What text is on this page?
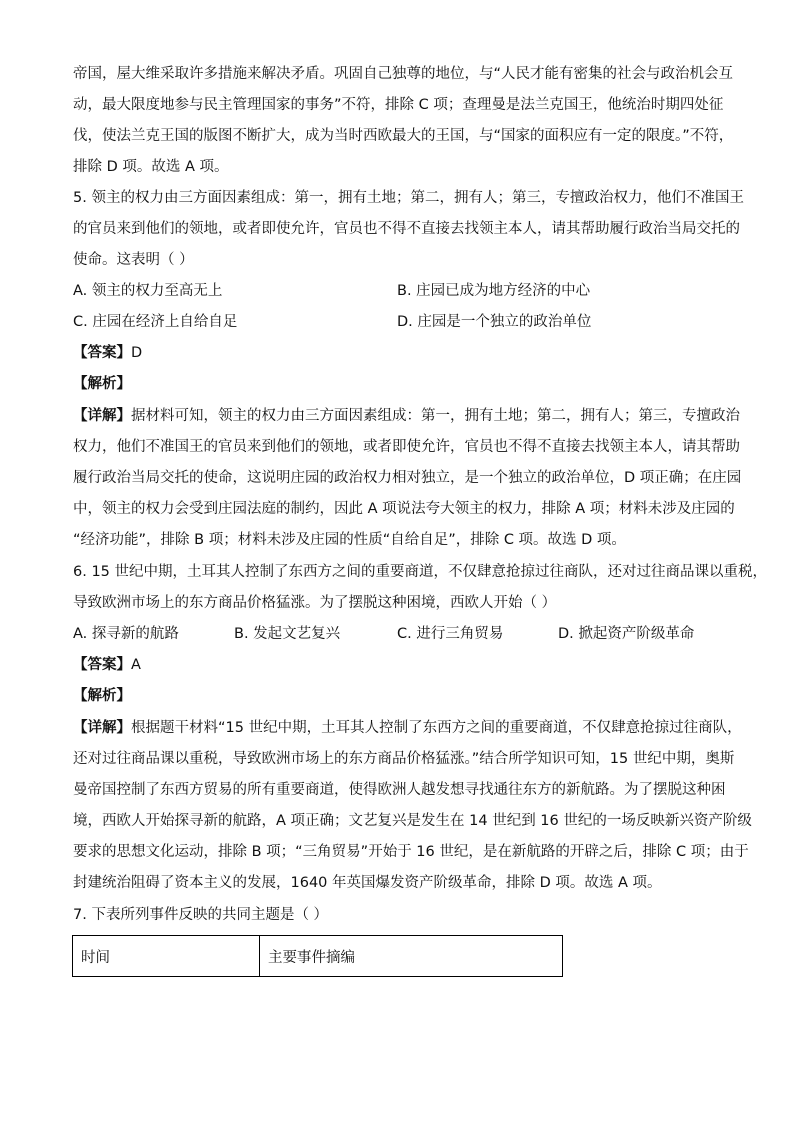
帝国，屋大维采取许多措施来解决矛盾。巩固自己独尊的地位，与“人民才能有密集的社会与政治机会互
动，最大限度地参与民主管理国家的事务”不符，排除 C 项；查理曼是法兰克国王，他统治时期四处征
伐，使法兰克王国的版图不断扩大，成为当时西欧最大的王国，与“国家的面积应有一定的限度。”不符，
排除 D 项。故选 A 项。
5. 领主的权力由三方面因素组成：第一，拥有土地；第二，拥有人；第三，专擅政治权力，他们不准国王
的官员来到他们的领地，或者即使允许，官员也不得不直接去找领主本人，请其帮助履行政治当局交托的
使命。这表明（ ）
A. 领主的权力至高无上	B. 庄园已成为地方经济的中心
C. 庄园在经济上自给自足	D. 庄园是一个独立的政治单位
【答案】D
【解析】
【详解】据材料可知，领主的权力由三方面因素组成：第一，拥有土地；第二，拥有人；第三，专擅政治
权力，他们不准国王的官员来到他们的领地，或者即使允许，官员也不得不直接去找领主本人，请其帮助
履行政治当局交托的使命，这说明庄园的政治权力相对独立，是一个独立的政治单位，D 项正确；在庄园
中，领主的权力会受到庄园法庭的制约，因此 A 项说法夸大领主的权力，排除 A 项；材料未涉及庄园的
“经济功能”，排除 B 项；材料未涉及庄园的性质“自给自足”，排除 C 项。故选 D 项。
6. 15 世纪中期，土耳其人控制了东西方之间的重要商道，不仅肆意抢掠过往商队，还对过往商品课以重税，
导致欧洲市场上的东方商品价格猛涨。为了摆脱这种困境，西欧人开始（ ）
A. 探寻新的航路	B. 发起文艺复兴	C. 进行三角贸易	D. 掀起资产阶级革命
【答案】A
【解析】
【详解】根据题干材料“15 世纪中期，土耳其人控制了东西方之间的重要商道，不仅肆意抢掠过往商队，
还对过往商品课以重税，导致欧洲市场上的东方商品价格猛涨。”结合所学知识可知，15 世纪中期，奥斯
曼帝国控制了东西方贸易的所有重要商道，使得欧洲人越发想寻找通往东方的新航路。为了摆脱这种困
境，西欧人开始探寻新的航路，A 项正确；文艺复兴是发生在 14 世纪到 16 世纪的一场反映新兴资产阶级
要求的思想文化运动，排除 B 项；“三角贸易”开始于 16 世纪，是在新航路的开辟之后，排除 C 项；由于
封建统治阻碍了资本主义的发展，1640 年英国爆发资产阶级革命，排除 D 项。故选 A 项。
7. 下表所列事件反映的共同主题是（ ）
时间	主要事件摘编
